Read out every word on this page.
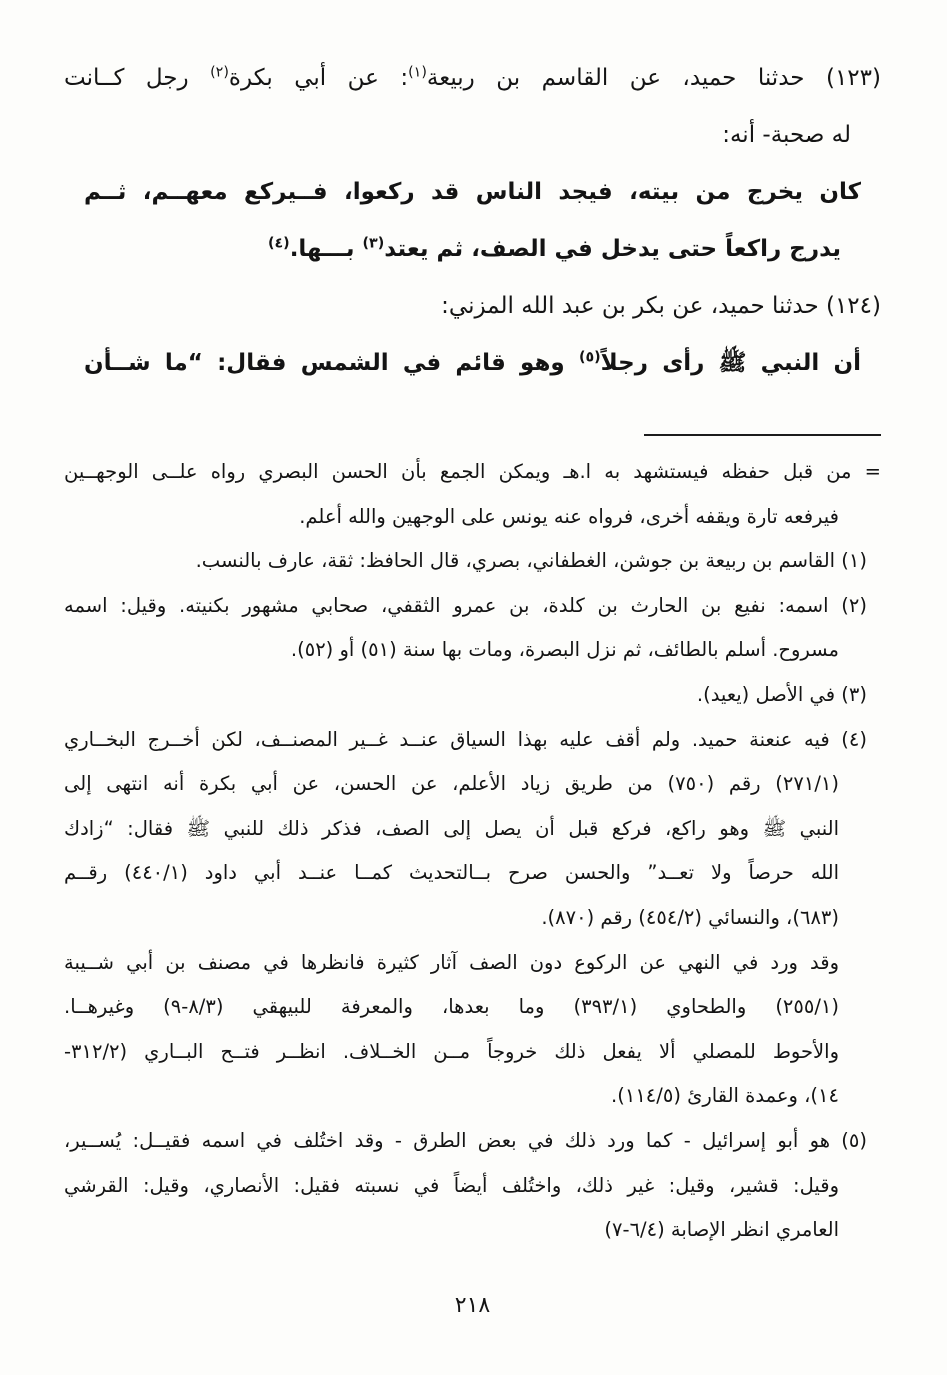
(١٢٣) حدثنا حميد، عن القاسم بن ربيعة$^{(١)}$: عن أبي بكرة$^{(٢)}$ رجل كــانت

له صحبة- أنه:

كان يخرج من بيته، فيجد الناس قد ركعوا، فــيركع معهــم، ثــم

يدرج راكعاً حتى يدخل في الصف، ثم يعتد$^{(٣)}$ بـــها.$^{(٤)}$

(١٢٤) حدثنا حميد، عن بكر بن عبد الله المزني:

أن النبي ﷺ رأى رجلاً$^{(٥)}$ وهو قائم في الشمس فقال: “ما شــأن

= من قبل حفظه فيستشهد به ا.هـ ويمكن الجمع بأن الحسن البصري رواه علــى الوجهــين

فيرفعه تارة ويقفه أخرى، فرواه عنه يونس على الوجهين والله أعلم.

(١) القاسم بن ربيعة بن جوشن، الغطفاني، بصري، قال الحافظ: ثقة، عارف بالنسب.

(٢) اسمه: نفيع بن الحارث بن كلدة، بن عمرو الثقفي، صحابي مشهور بكنيته. وقيل: اسمه

مسروح. أسلم بالطائف، ثم نزل البصرة، ومات بها سنة (٥١) أو (٥٢).

(٣) في الأصل (يعيد).

(٤) فيه عنعنة حميد. ولم أقف عليه بهذا السياق عنــد غــير المصنــف، لكن أخــرج البخــاري

(٢٧١/١) رقم (٧٥٠) من طريق زياد الأعلم، عن الحسن، عن أبي بكرة أنه انتهى إلى

النبي ﷺ وهو راكع، فركع قبل أن يصل إلى الصف، فذكر ذلك للنبي ﷺ فقال: “زادك

الله حرصاً ولا تعــد” والحسن صرح بــالتحديث كمــا عنــد أبي داود (٤٤٠/١) رقــم

(٦٨٣)، والنسائي (٤٥٤/٢) رقم (٨٧٠).

وقد ورد في النهي عن الركوع دون الصف آثار كثيرة فانظرها في مصنف بن أبي شــيبة

(٢٥٥/١) والطحاوي (٣٩٣/١) وما بعدها، والمعرفة للبيهقي (٨/٣-٩) وغيرهــا.

والأحوط للمصلي ألا يفعل ذلك خروجاً مــن الخــلاف. انظــر فتــح البــاري (٣١٢/٢-

١٤)، وعمدة القارئ (١١٤/٥).

(٥) هو أبو إسرائيل - كما ورد ذلك في بعض الطرق - وقد اختُلف في اسمه فقيــل: يُســير،

وقيل: قشير، وقيل: غير ذلك، واختُلف أيضاً في نسبته فقيل: الأنصاري، وقيل: القرشي

العامري انظر الإصابة (٦/٤-٧)

٢١٨
